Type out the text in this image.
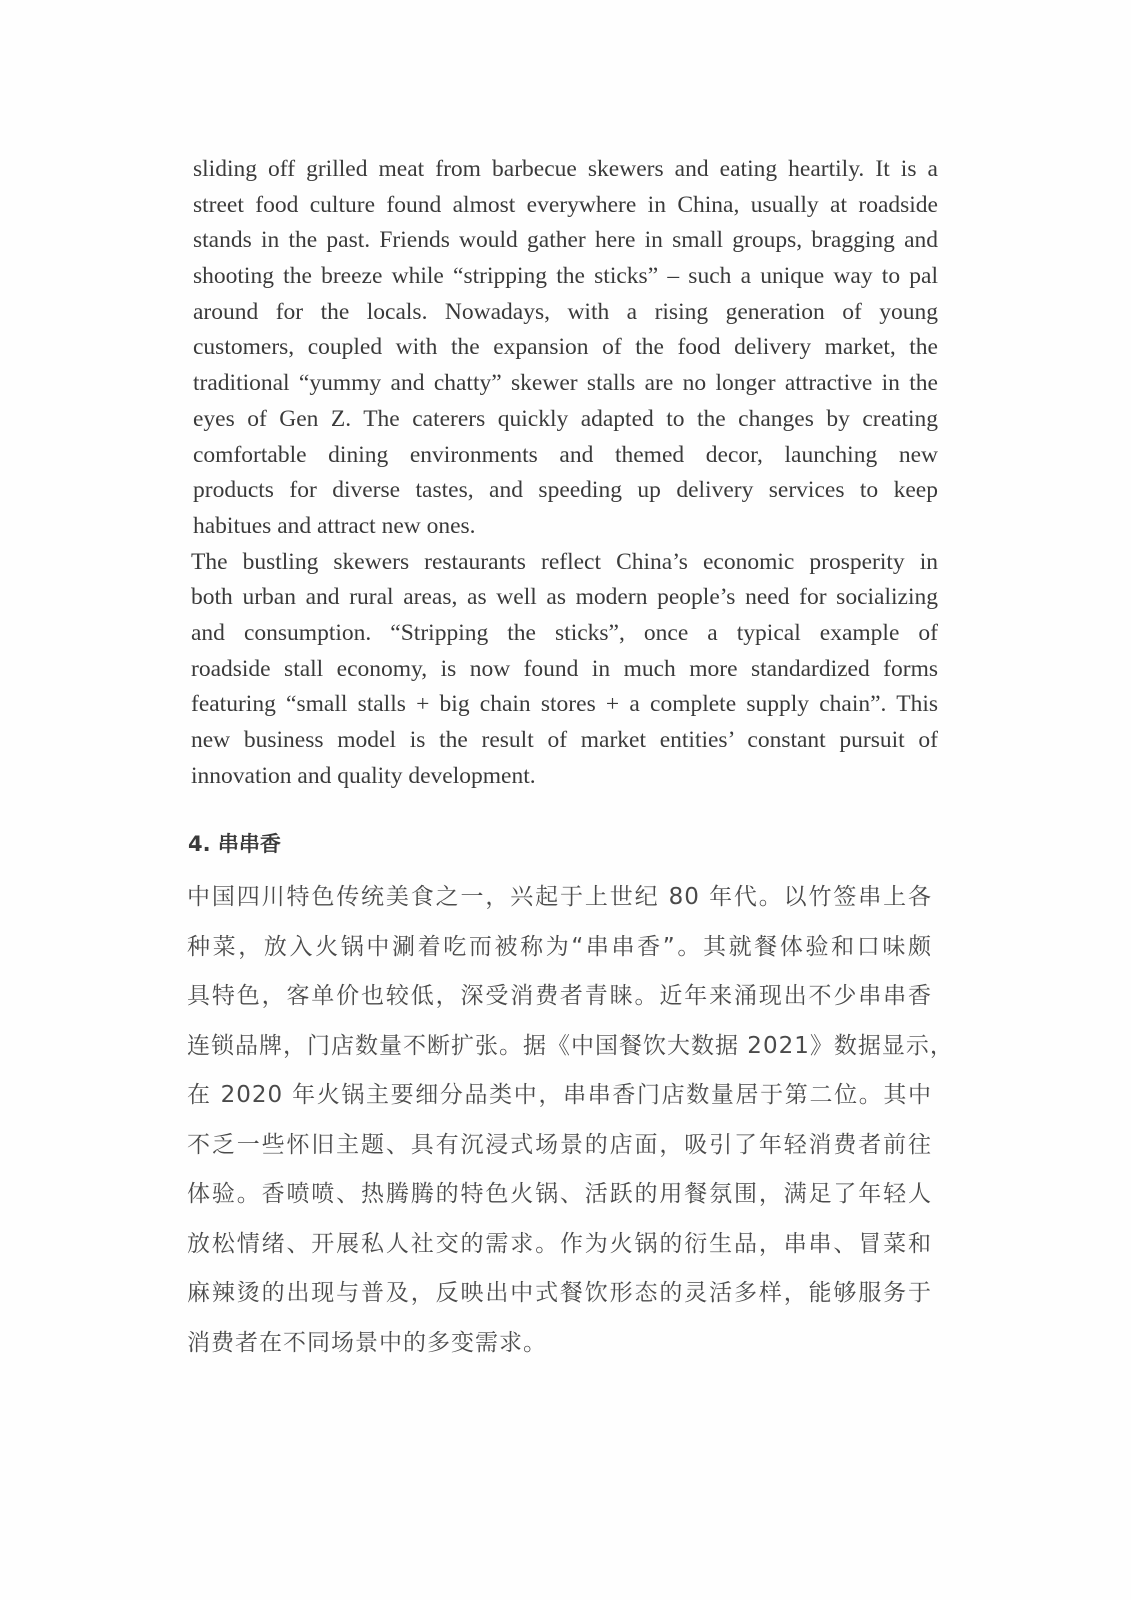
sliding off grilled meat from barbecue skewers and eating heartily. It is a
street food culture found almost everywhere in China, usually at roadside
stands in the past. Friends would gather here in small groups, bragging and
shooting the breeze while “stripping the sticks” – such a unique way to pal
around for the locals. Nowadays, with a rising generation of young
customers, coupled with the expansion of the food delivery market, the
traditional “yummy and chatty” skewer stalls are no longer attractive in the
eyes of Gen Z. The caterers quickly adapted to the changes by creating
comfortable dining environments and themed decor, launching new
products for diverse tastes, and speeding up delivery services to keep
habitues and attract new ones.
The bustling skewers restaurants reflect China’s economic prosperity in
both urban and rural areas, as well as modern people’s need for socializing
and consumption. “Stripping the sticks”, once a typical example of
roadside stall economy, is now found in much more standardized forms
featuring “small stalls + big chain stores + a complete supply chain”. This
new business model is the result of market entities’ constant pursuit of
innovation and quality development.
4. 串串香
中国四川特色传统美食之一，兴起于上世纪 80 年代。以竹签串上各
种菜，放入火锅中涮着吃而被称为“串串香”。其就餐体验和口味颇
具特色，客单价也较低，深受消费者青睐。近年来涌现出不少串串香
连锁品牌，门店数量不断扩张。据《中国餐饮大数据 2021》数据显示，
在 2020 年火锅主要细分品类中，串串香门店数量居于第二位。其中
不乏一些怀旧主题、具有沉浸式场景的店面，吸引了年轻消费者前往
体验。香喷喷、热腾腾的特色火锅、活跃的用餐氛围，满足了年轻人
放松情绪、开展私人社交的需求。作为火锅的衍生品，串串、冒菜和
麻辣烫的出现与普及，反映出中式餐饮形态的灵活多样，能够服务于
消费者在不同场景中的多变需求。
